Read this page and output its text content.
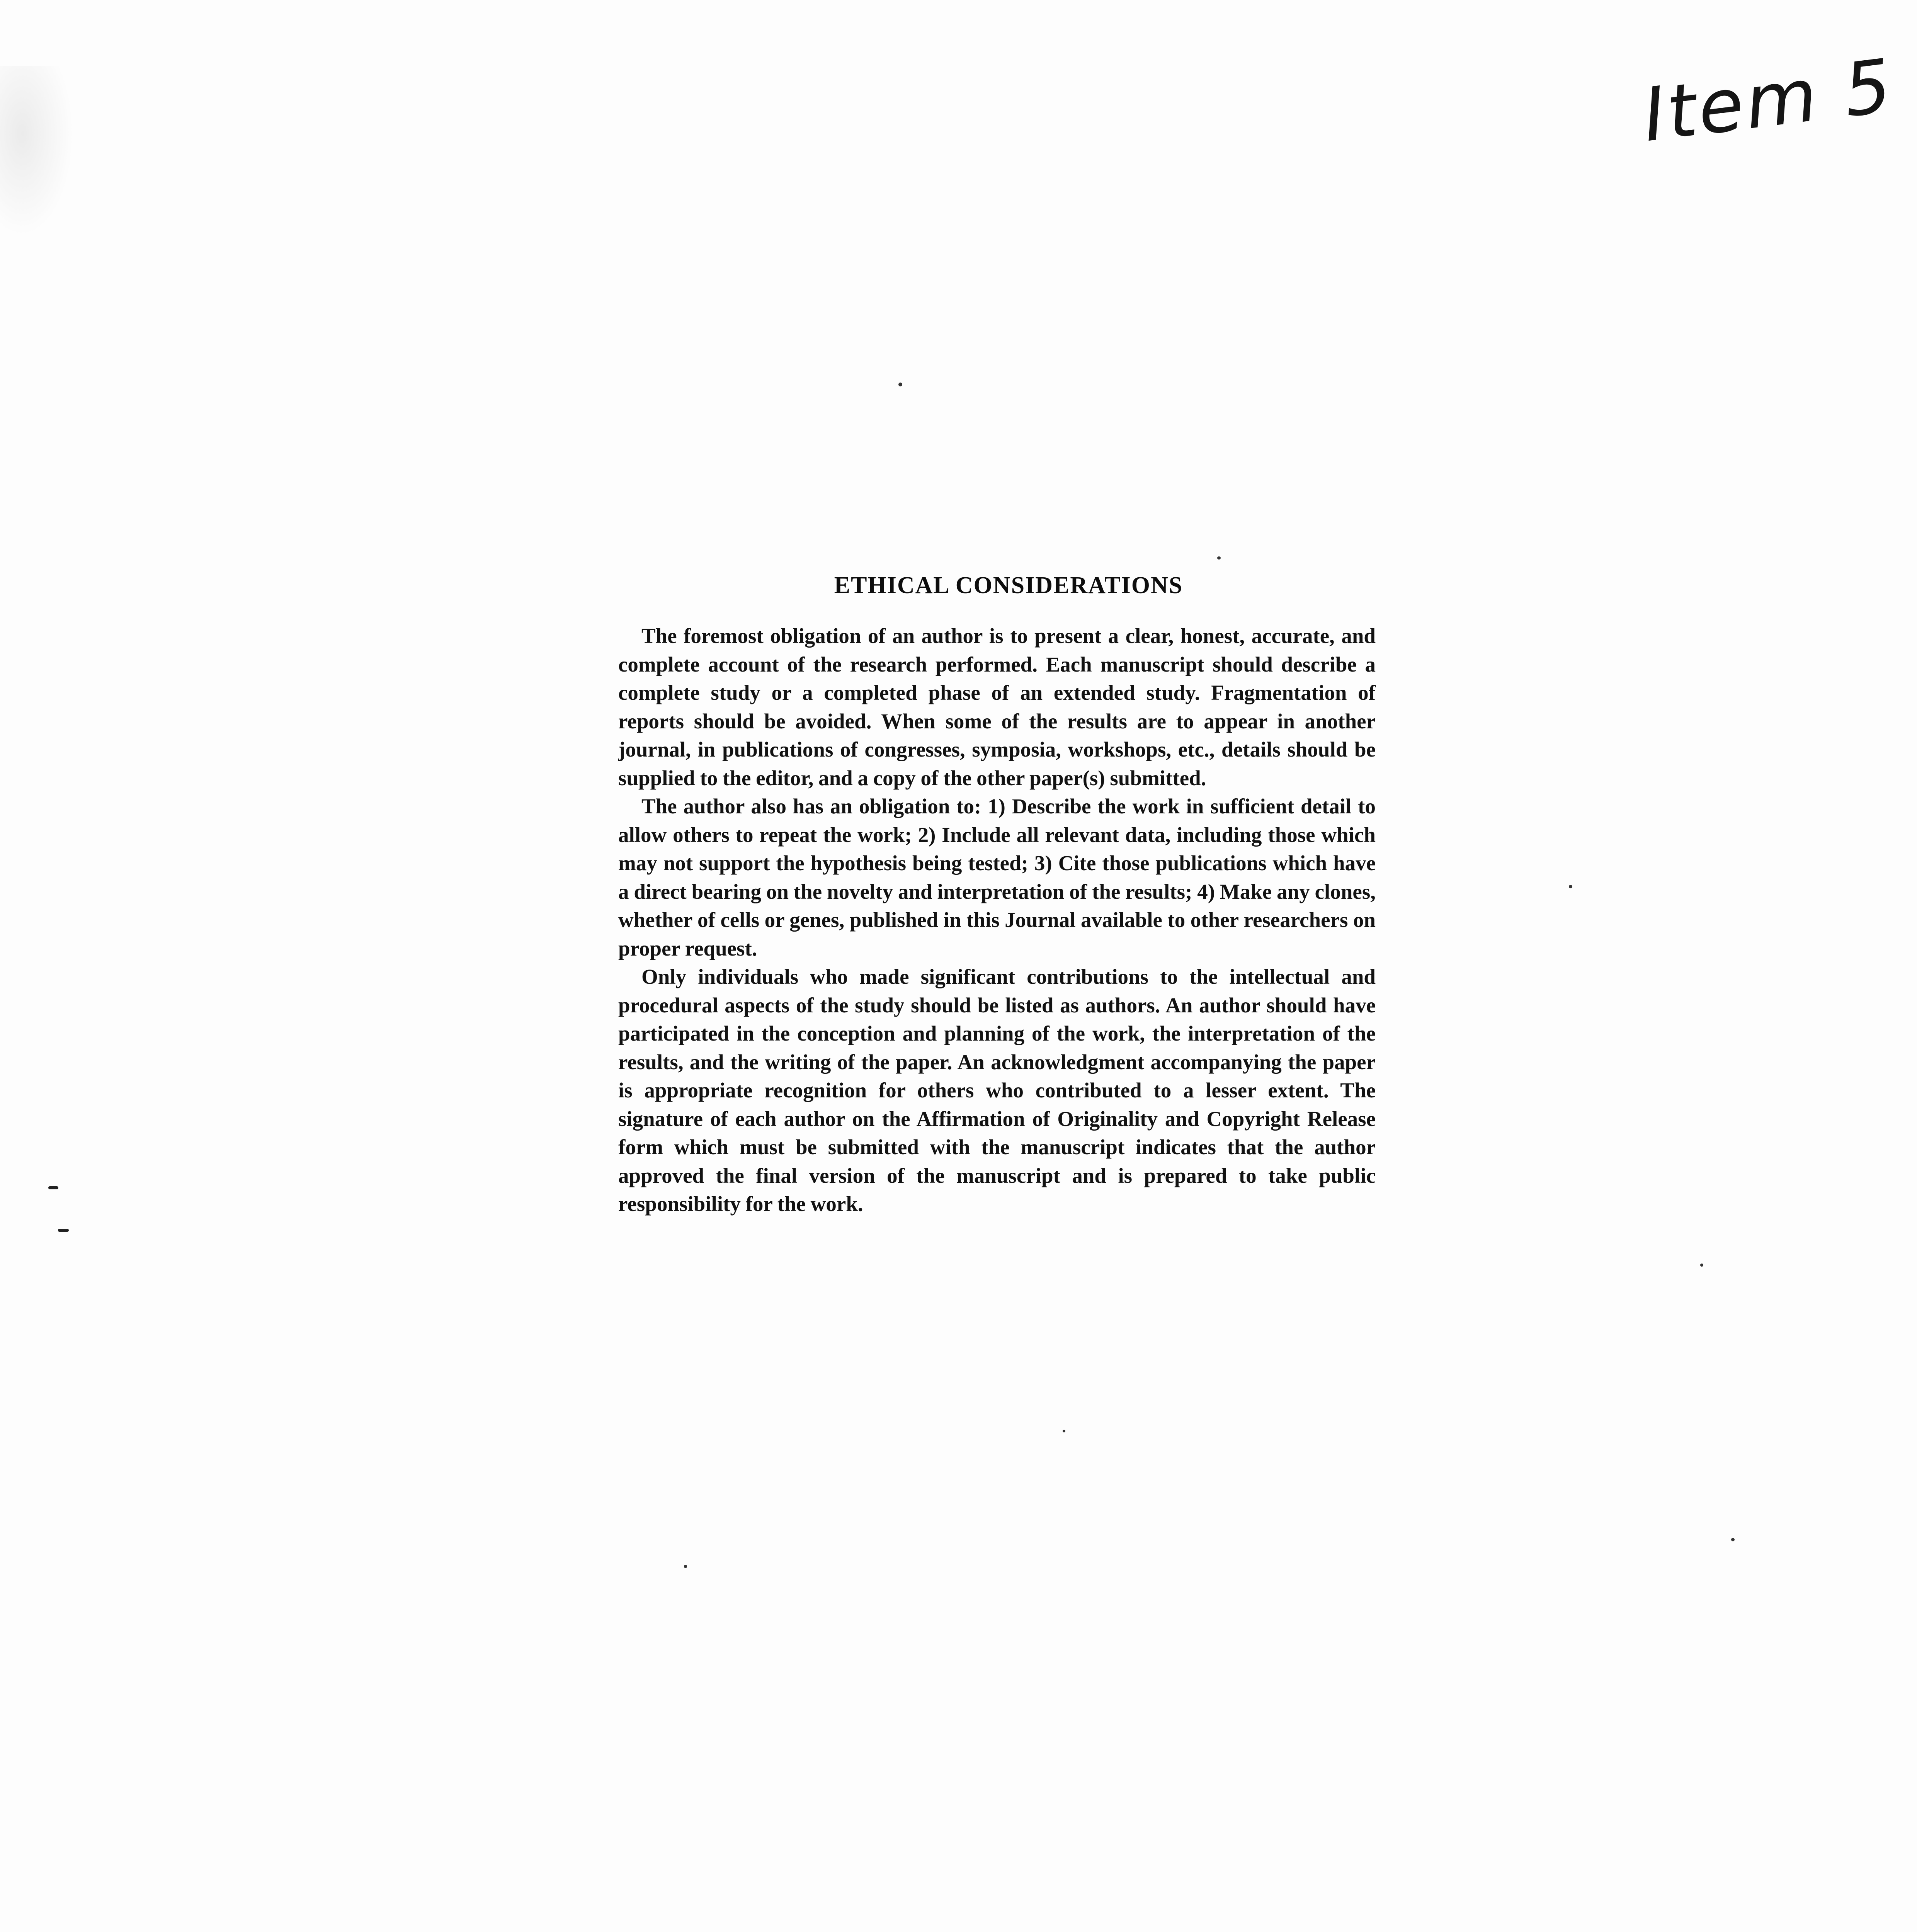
Item 5
ETHICAL CONSIDERATIONS

The foremost obligation of an author is to present a clear, honest, accurate, and complete account of the research performed. Each manuscript should describe a complete study or a completed phase of an extended study. Fragmentation of reports should be avoided. When some of the results are to appear in another journal, in publications of congresses, symposia, workshops, etc., details should be supplied to the editor, and a copy of the other paper(s) submitted.

The author also has an obligation to: 1) Describe the work in sufficient detail to allow others to repeat the work; 2) Include all relevant data, including those which may not support the hypothesis being tested; 3) Cite those publications which have a direct bearing on the novelty and interpretation of the results; 4) Make any clones, whether of cells or genes, published in this Journal available to other researchers on proper request.

Only individuals who made significant contributions to the intellectual and procedural aspects of the study should be listed as authors. An author should have participated in the conception and planning of the work, the interpretation of the results, and the writing of the paper. An acknowledgment accompanying the paper is appropriate recognition for others who contributed to a lesser extent. The signature of each author on the Affirmation of Originality and Copyright Release form which must be submitted with the manuscript indicates that the author approved the final version of the manuscript and is prepared to take public responsibility for the work.
